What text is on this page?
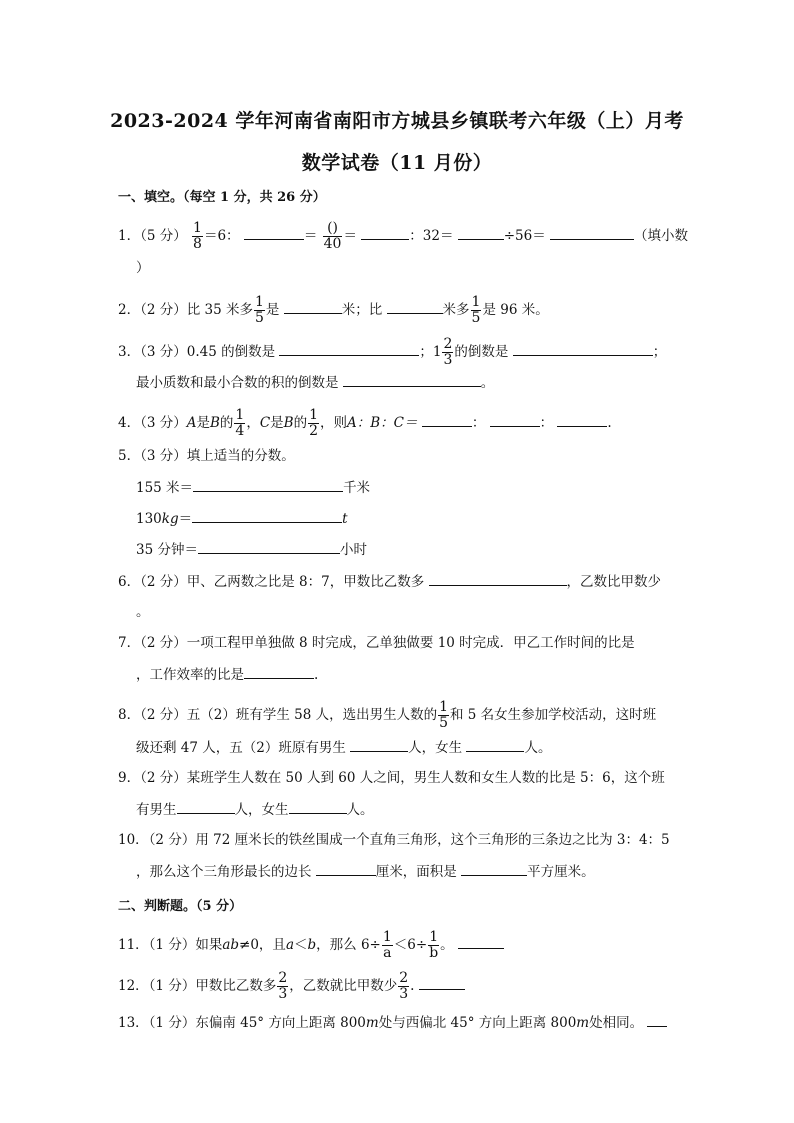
2023-2024 学年河南省南阳市方城县乡镇联考六年级（上）月考
数学试卷（11 月份）
一、填空。（每空 1 分，共 26 分）
1．（5 分） $\frac{1}{8} =6$：	＝ $\frac{()}{40}$ ＝	：32＝	÷56＝	（填小数
）
2．（2 分）比 35 米多 $\frac{1}{5}$ 是	米；比	米多 $\frac{1}{5}$ 是 96 米。
3．（3 分）0.45 的倒数是	；$1 \frac{2}{3}$ 的倒数是	；
最小质数和最小合数的积的倒数是	。
4．（3 分）A是B的 $\frac{1}{4}$ ，C是B的 $\frac{1}{2}$ ，则A：B：C＝	：	：	.
5．（3 分）填上适当的分数。
155 米＝	千米
130kg＝	t
35 分钟＝	小时
6．（2 分）甲、乙两数之比是 8：7，甲数比乙数多	，乙数比甲数少
。
7．（2 分）一项工程甲单独做 8 时完成，乙单独做要 10 时完成．甲乙工作时间的比是
，工作效率的比是	.
8．（2 分）五（2）班有学生 58 人，选出男生人数的 $\frac{1}{5}$ 和 5 名女生参加学校活动，这时班
级还剩 47 人，五（2）班原有男生	人，女生	人。
9．（2 分）某班学生人数在 50 人到 60 人之间，男生人数和女生人数的比是 5：6，这个班
有男生	人，女生	人。
10．（2 分）用 72 厘米长的铁丝围成一个直角三角形，这个三角形的三条边之比为 3：4：5
，那么这个三角形最长的边长	厘米，面积是	平方厘米。
二、判断题。（5 分）
11．（1 分）如果ab≠0，且a＜b，那么 $6\div \frac{1}{a} <6\div \frac{1}{b}$ 。
12．（1 分）甲数比乙数多 $\frac{2}{3}$ ，乙数就比甲数少 $\frac{2}{3}$ .
13．（1 分）东偏南 45° 方向上距离 800m处与西偏北 45° 方向上距离 800m处相同。
